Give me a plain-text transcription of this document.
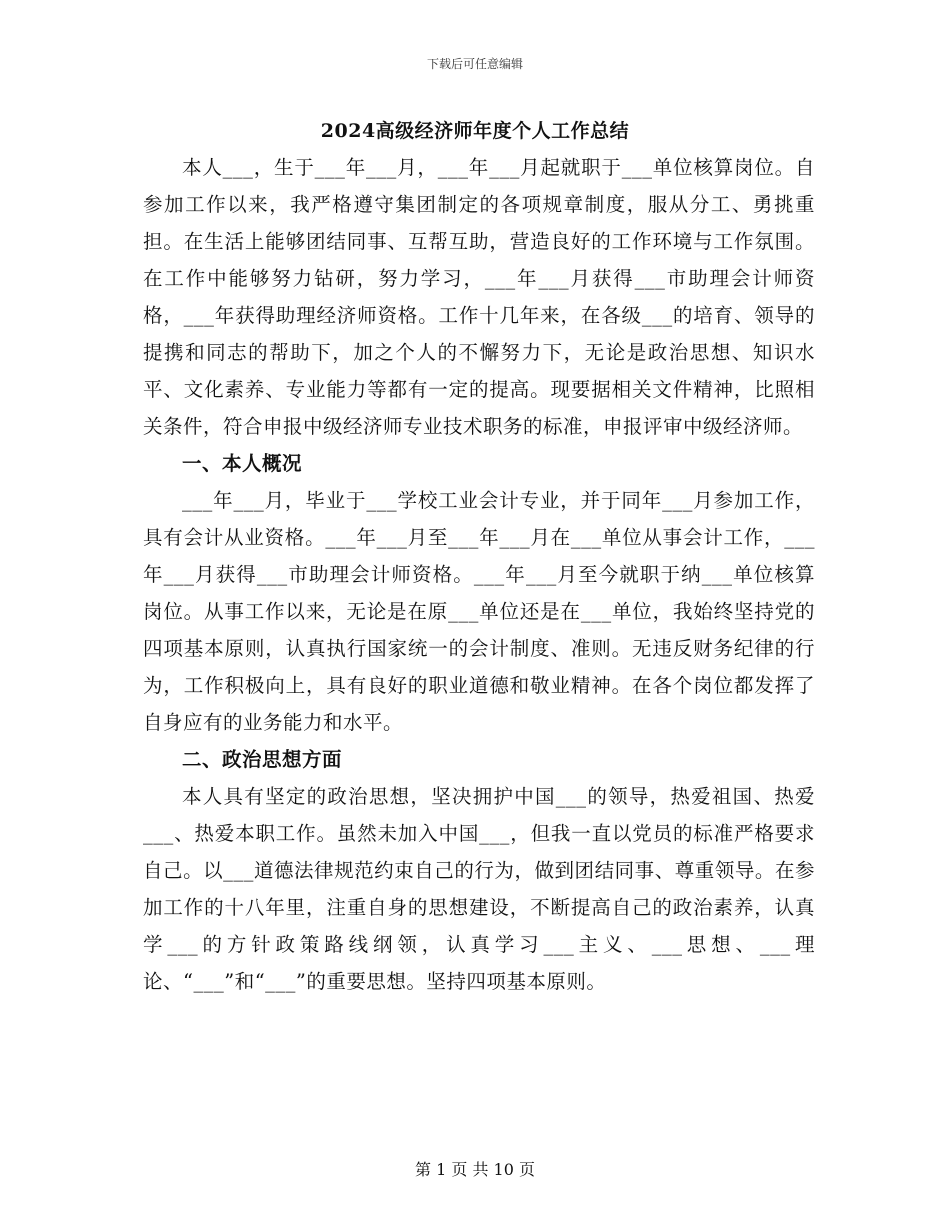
下载后可任意编辑
2024高级经济师年度个人工作总结

本人___，生于___年___月，___年___月起就职于___单位核算岗位。自参加工作以来，我严格遵守集团制定的各项规章制度，服从分工、勇挑重担。在生活上能够团结同事、互帮互助，营造良好的工作环境与工作氛围。在工作中能够努力钻研，努力学习，___年___月获得___市助理会计师资格，___年获得助理经济师资格。工作十几年来，在各级___的培育、领导的提携和同志的帮助下，加之个人的不懈努力下，无论是政治思想、知识水平、文化素养、专业能力等都有一定的提高。现要据相关文件精神，比照相关条件，符合申报中级经济师专业技术职务的标准，申报评审中级经济师。

一、本人概况

___年___月，毕业于___学校工业会计专业，并于同年___月参加工作，具有会计从业资格。___年___月至___年___月在___单位从事会计工作，___年___月获得___市助理会计师资格。___年___月至今就职于纳___单位核算岗位。从事工作以来，无论是在原___单位还是在___单位，我始终坚持党的四项基本原则，认真执行国家统一的会计制度、准则。无违反财务纪律的行为，工作积极向上，具有良好的职业道德和敬业精神。在各个岗位都发挥了自身应有的业务能力和水平。

二、政治思想方面

本人具有坚定的政治思想，坚决拥护中国___的领导，热爱祖国、热爱___、热爱本职工作。虽然未加入中国___，但我一直以党员的标准严格要求自己。以___道德法律规范约束自己的行为，做到团结同事、尊重领导。在参加工作的十八年里，注重自身的思想建设，不断提高自己的政治素养，认真学___的方针政策路线纲领，认真学习___主义、___思想、___理论、“___”和“___”的重要思想。坚持四项基本原则。

第 1 页 共 10 页
